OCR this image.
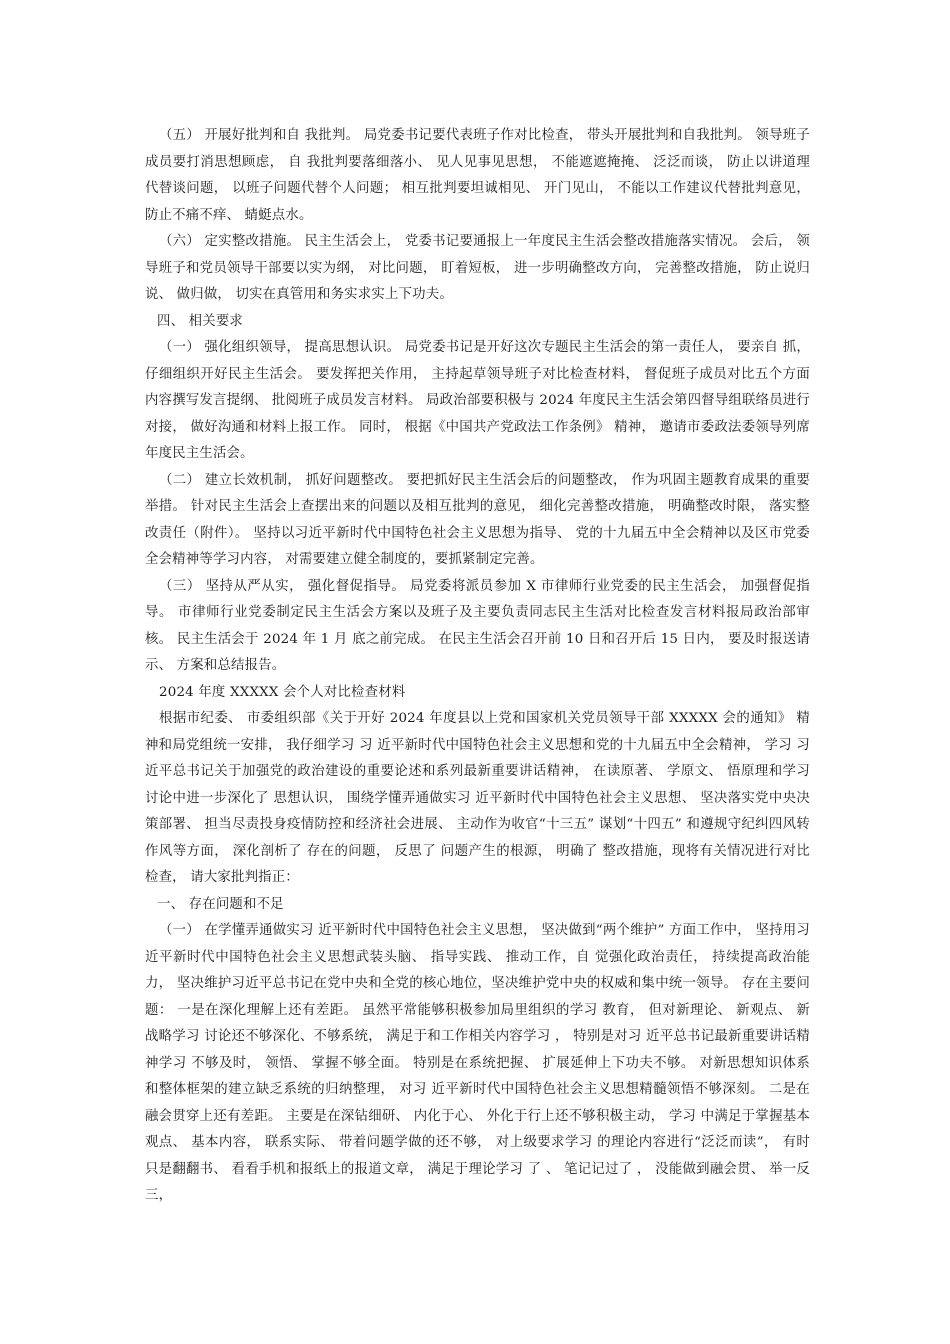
（五） 开展好批判和自 我批判。 局党委书记要代表班子作对比检查， 带头开展批判和自我批判。 领导班子成员要打消思想顾虑， 自 我批判要落细落小、 见人见事见思想， 不能遮遮掩掩、 泛泛而谈， 防止以讲道理代替谈问题， 以班子问题代替个人问题； 相互批判要坦诚相见、 开门见山， 不能以工作建议代替批判意见， 防止不痛不痒、 蜻蜓点水。

（六） 定实整改措施。 民主生活会上， 党委书记要通报上一年度民主生活会整改措施落实情况。 会后， 领导班子和党员领导干部要以实为纲， 对比问题， 盯着短板， 进一步明确整改方向， 完善整改措施， 防止说归说、 做归做， 切实在真管用和务实求实上下功夫。

四、 相关要求

（一） 强化组织领导， 提高思想认识。 局党委书记是开好这次专题民主生活会的第一责任人， 要亲自 抓， 仔细组织开好民主生活会。 要发挥把关作用， 主持起草领导班子对比检查材料， 督促班子成员对比五个方面内容撰写发言提纲、 批阅班子成员发言材料。 局政治部要积极与 2024 年度民主生活会第四督导组联络员进行对接， 做好沟通和材料上报工作。 同时， 根据《中国共产党政法工作条例》 精神， 邀请市委政法委领导列席年度民主生活会。

（二） 建立长效机制， 抓好问题整改。 要把抓好民主生活会后的问题整改， 作为巩固主题教育成果的重要举措。 针对民主生活会上查摆出来的问题以及相互批判的意见， 细化完善整改措施， 明确整改时限， 落实整改责任（附件）。 坚持以习近平新时代中国特色社会主义思想为指导、 党的十九届五中全会精神以及区市党委全会精神等学习内容， 对需要建立健全制度的，要抓紧制定完善。

（三） 坚持从严从实， 强化督促指导。 局党委将派员参加 X 市律师行业党委的民主生活会， 加强督促指导。 市律师行业党委制定民主生活会方案以及班子及主要负责同志民主生活对比检查发言材料报局政治部审核。 民主生活会于 2024 年 1 月 底之前完成。 在民主生活会召开前 10 日和召开后 15 日内， 要及时报送请示、 方案和总结报告。

2024 年度 XXXXX 会个人对比检查材料

根据市纪委、 市委组织部《关于开好 2024 年度县以上党和国家机关党员领导干部 XXXXX 会的通知》 精神和局党组统一安排， 我仔细学习 习 近平新时代中国特色社会主义思想和党的十九届五中全会精神， 学习 习近平总书记关于加强党的政治建设的重要论述和系列最新重要讲话精神， 在读原著、 学原文、 悟原理和学习 讨论中进一步深化了 思想认识， 围绕学懂弄通做实习 近平新时代中国特色社会主义思想、 坚决落实党中央决策部署、 担当尽责投身疫情防控和经济社会进展、 主动作为收官“十三五” 谋划“十四五” 和遵规守纪纠四风转作风等方面， 深化剖析了 存在的问题， 反思了 问题产生的根源， 明确了 整改措施，现将有关情况进行对比检查， 请大家批判指正：

一、 存在问题和不足

（一） 在学懂弄通做实习 近平新时代中国特色社会主义思想， 坚决做到“两个维护” 方面工作中， 坚持用习 近平新时代中国特色社会主义思想武装头脑、 指导实践、 推动工作，自 觉强化政治责任， 持续提高政治能力， 坚决维护习近平总书记在党中央和全党的核心地位，坚决维护党中央的权威和集中统一领导。 存在主要问题： 一是在深化理解上还有差距。 虽然平常能够积极参加局里组织的学习 教育， 但对新理论、 新观点、 新战略学习 讨论还不够深化、不够系统， 满足于和工作相关内容学习 ， 特别是对习 近平总书记最新重要讲话精神学习 不够及时， 领悟、 掌握不够全面。 特别是在系统把握、 扩展延伸上下功夫不够。 对新思想知识体系和整体框架的建立缺乏系统的归纳整理， 对习 近平新时代中国特色社会主义思想精髓领悟不够深刻。 二是在融会贯穿上还有差距。 主要是在深钻细研、 内化于心、 外化于行上还不够积极主动， 学习 中满足于掌握基本观点、 基本内容， 联系实际、 带着问题学做的还不够， 对上级要求学习 的理论内容进行“泛泛而读”， 有时只是翻翻书、 看看手机和报纸上的报道文章， 满足于理论学习 了 、 笔记记过了 ， 没能做到融会贯、 举一反三，
